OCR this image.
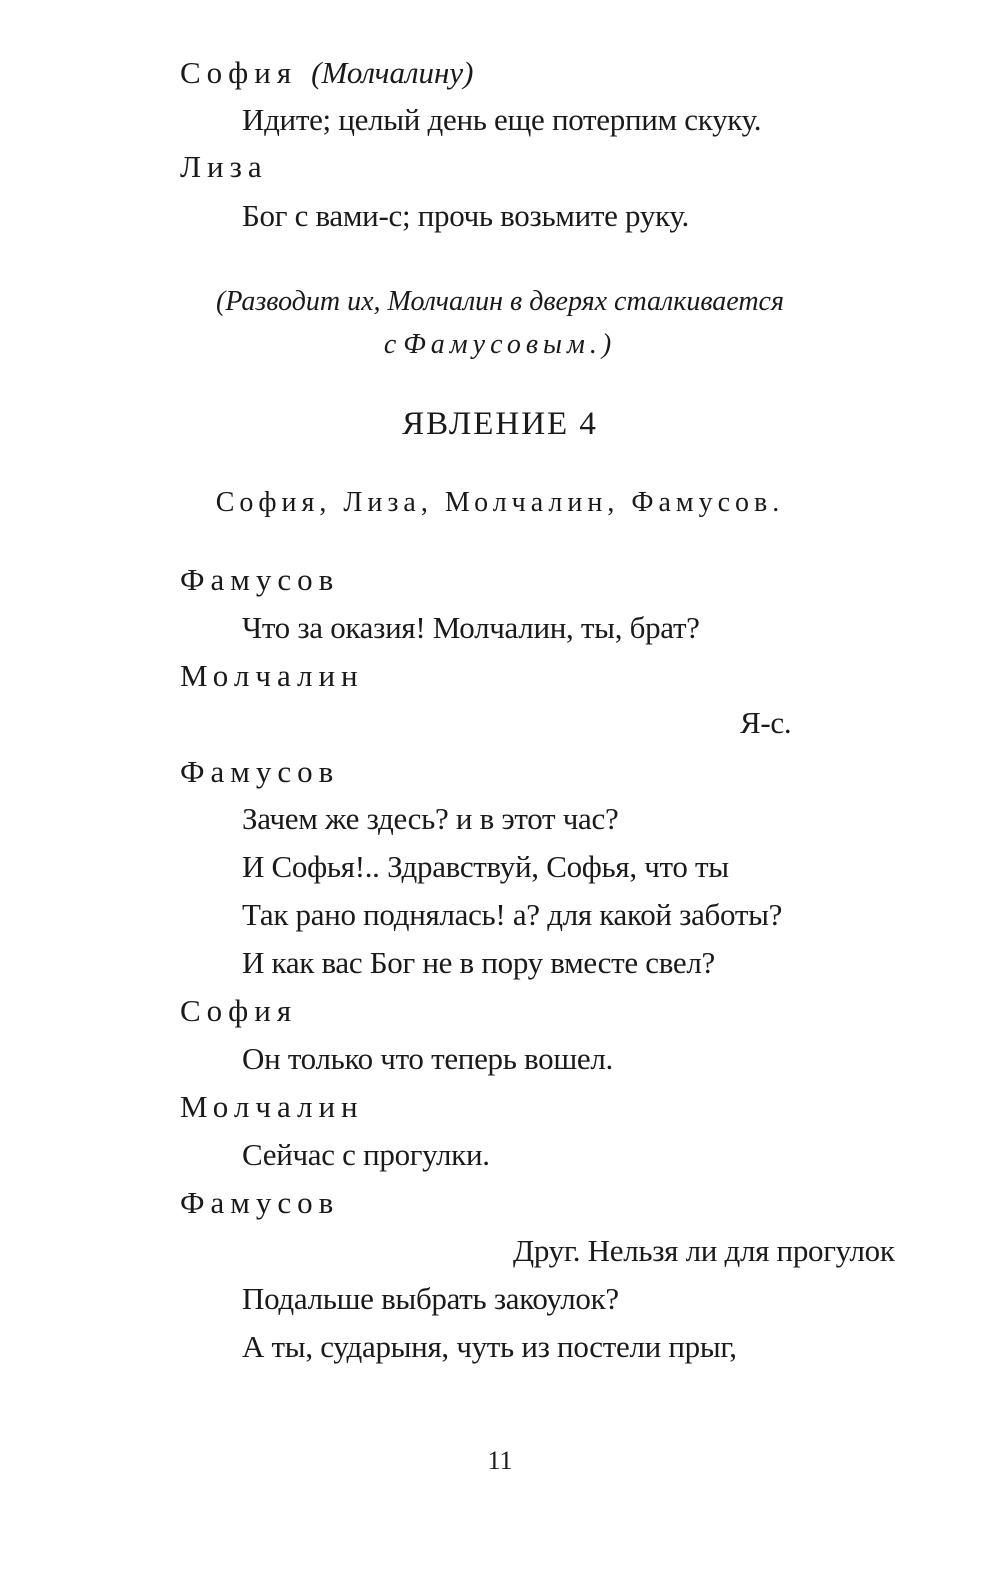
София (Молчалину)
Идите; целый день еще потерпим скуку.
Лиза
Бог с вами-с; прочь возьмите руку.
(Разводит их, Молчалин в дверях сталкивается
с Фамусовым.)
ЯВЛЕНИЕ 4
София, Лиза, Молчалин, Фамусов.
Фамусов
Что за оказия! Молчалин, ты, брат?
Молчалин
Я-с.
Фамусов
Зачем же здесь? и в этот час?
И Софья!.. Здравствуй, Софья, что ты
Так рано поднялась! а? для какой заботы?
И как вас Бог не в пору вместе свел?
София
Он только что теперь вошел.
Молчалин
Сейчас с прогулки.
Фамусов
Друг. Нельзя ли для прогулок
Подальше выбрать закоулок?
А ты, сударыня, чуть из постели прыг,
11
